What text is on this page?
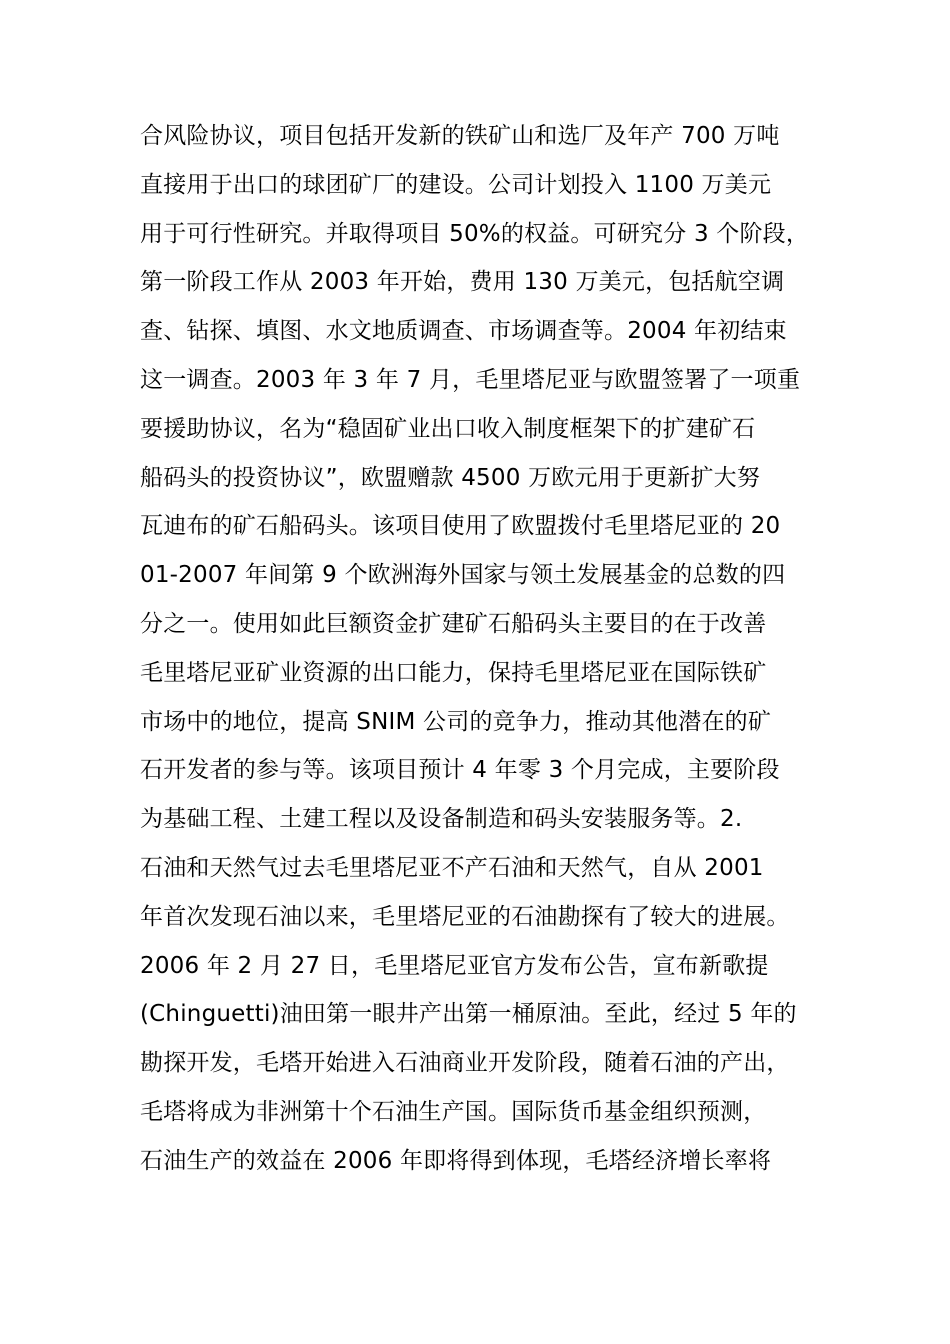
合风险协议，项目包括开发新的铁矿山和选厂及年产 700 万吨
直接用于出口的球团矿厂的建设。公司计划投入 1100 万美元
用于可行性研究。并取得项目 50%的权益。可研究分 3 个阶段，
第一阶段工作从 2003 年开始，费用 130 万美元，包括航空调
查、钻探、填图、水文地质调查、市场调查等。2004 年初结束
这一调查。2003 年 3 年 7 月，毛里塔尼亚与欧盟签署了一项重
要援助协议，名为“稳固矿业出口收入制度框架下的扩建矿石
船码头的投资协议”，欧盟赠款 4500 万欧元用于更新扩大努
瓦迪布的矿石船码头。该项目使用了欧盟拨付毛里塔尼亚的 20
01-2007 年间第 9 个欧洲海外国家与领土发展基金的总数的四
分之一。使用如此巨额资金扩建矿石船码头主要目的在于改善
毛里塔尼亚矿业资源的出口能力，保持毛里塔尼亚在国际铁矿
市场中的地位，提高 SNIM 公司的竞争力，推动其他潜在的矿
石开发者的参与等。该项目预计 4 年零 3 个月完成，主要阶段
为基础工程、土建工程以及设备制造和码头安装服务等。2.
石油和天然气过去毛里塔尼亚不产石油和天然气，自从 2001
年首次发现石油以来，毛里塔尼亚的石油勘探有了较大的进展。
2006 年 2 月 27 日，毛里塔尼亚官方发布公告，宣布新歌提
(Chinguetti)油田第一眼井产出第一桶原油。至此，经过 5 年的
勘探开发，毛塔开始进入石油商业开发阶段，随着石油的产出，
毛塔将成为非洲第十个石油生产国。国际货币基金组织预测，
石油生产的效益在 2006 年即将得到体现，毛塔经济增长率将
